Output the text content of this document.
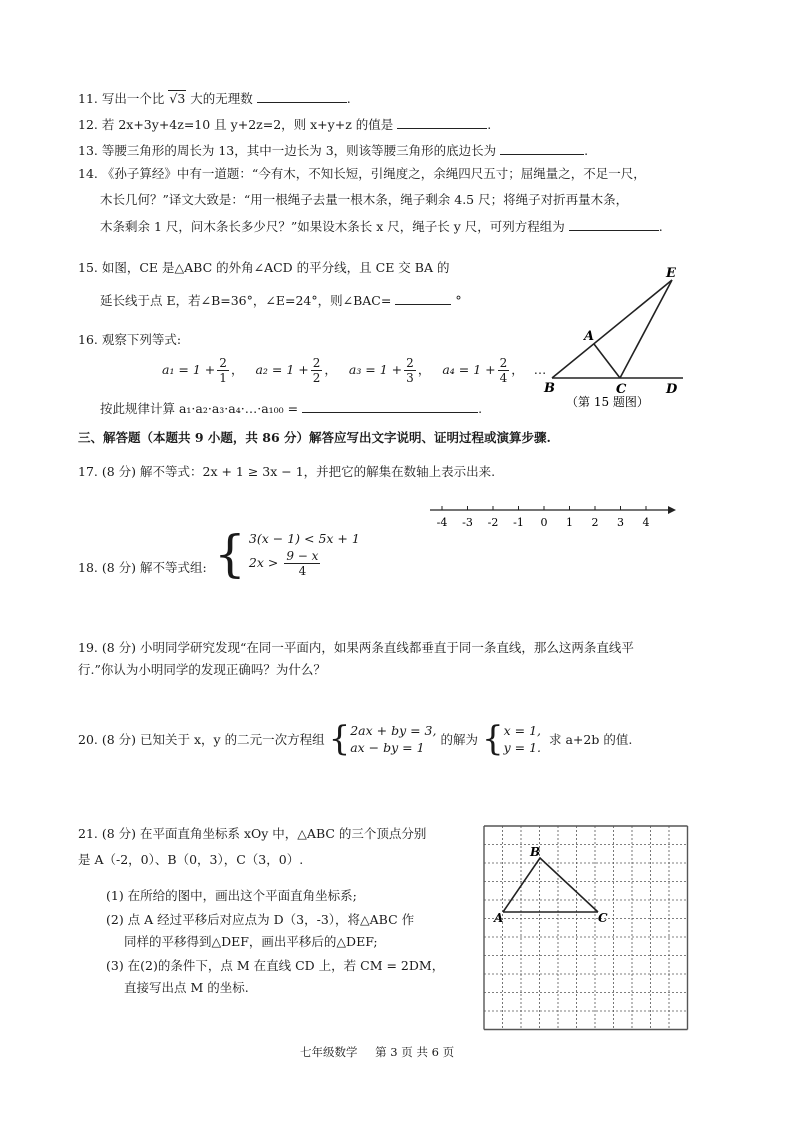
11. 写出一个比 √3 大的无理数	.
12. 若 2x+3y+4z=10 且 y+2z=2，则 x+y+z 的值是	.
13. 等腰三角形的周长为 13，其中一边长为 3，则该等腰三角形的底边长为	.
14. 《孙子算经》中有一道题：“今有木，不知长短，引绳度之，余绳四尺五寸；屈绳量之，不足一尺，
木长几何？”译文大致是：“用一根绳子去量一根木条，绳子剩余 4.5 尺；将绳子对折再量木条，
木条剩余 1 尺，问木条长多少尺？”如果设木条长 x 尺，绳子长 y 尺，可列方程组为	.
15. 如图，CE 是△ABC 的外角∠ACD 的平分线，且 CE 交 BA 的
延长线于点 E，若∠B=36°，∠E=24°，则∠BAC=	°
E
A
B	C	D
（第 15 题图）
16. 观察下列等式:
$a_1 = 1 + \frac{2}{1}$ ， $a_2 = 1 + \frac{2}{2}$ ， $a_3 = 1 + \frac{2}{3}$ ， $a_4 = 1 + \frac{2}{4}$ ， …
按此规律计算 a₁·a₂·a₃·a₄·…·a₁₀₀ =	.
三、解答题（本题共 9 小题，共 86 分）解答应写出文字说明、证明过程或演算步骤.
17. (8 分) 解不等式：2x + 1 ≥ 3x − 1，并把它的解集在数轴上表示出来.
-4 -3 -2 -1 0 1 2 3 4
18. (8 分) 解不等式组: { 3(x − 1) < 5x + 1
$2x > \frac{9 - x}{4}$
19. (8 分) 小明同学研究发现“在同一平面内，如果两条直线都垂直于同一条直线，那么这两条直线平
行.”你认为小明同学的发现正确吗？为什么？
20. (8 分) 已知关于 x，y 的二元一次方程组 { 2ax + by = 3,
ax − by = 1
的解为 { x = 1,
y = 1.
求 a+2b 的值.
21. (8 分) 在平面直角坐标系 xOy 中，△ABC 的三个顶点分别
是 A（-2，0）、B（0，3），C（3，0）.
(1) 在所给的图中，画出这个平面直角坐标系;
(2) 点 A 经过平移后对应点为 D（3，-3），将△ABC 作
同样的平移得到△DEF，画出平移后的△DEF;
(3) 在(2)的条件下，点 M 在直线 CD 上，若 CM = 2DM，
直接写出点 M 的坐标.
A
B
C
七年级数学 第 3 页 共 6 页
